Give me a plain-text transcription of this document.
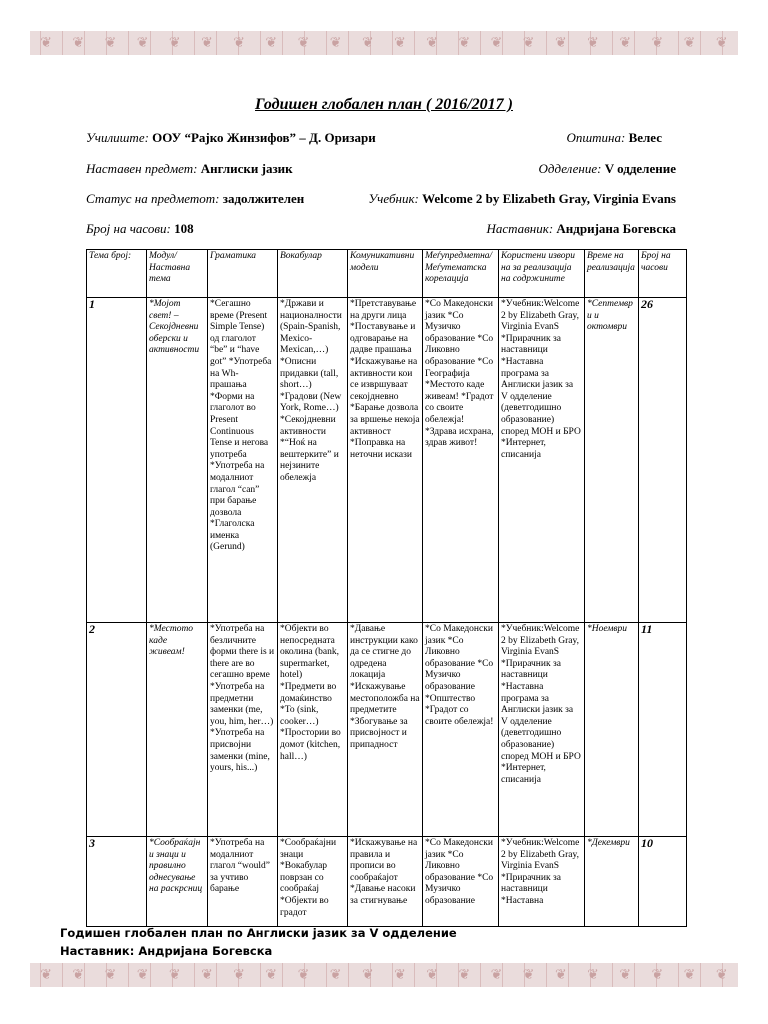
❦ ❦ ❦ ❦ ❦ ❦ ❦ ❦ ❦ ❦ ❦ ❦ ❦ ❦ ❦ ❦ ❦ ❦ ❦ ❦ ❦ ❦
Годишен глобален план ( 2016/2017 )
Училиште: ООУ “Рајко Жинзифов” – Д. Оризари	Општина: Велес
Наставен предмет: Англиски јазик	Одделение: V одделение
Статус на предметот: задолжителен	Учебник: Welcome 2 by Elizabeth Gray, Virginia Evans
Број на часови: 108	Наставник: Андријана Богевска
Тема број:	Модул/Наставна тема	Граматика	Вокабулар	Комуникативни модели	Меѓупредметна/ Меѓутематска корелација	Користени извори на за реализација на содржините	Време на реализација	Број на часови
1	*Мојот свет! – Секојдневни оберски и активности	*Сегашно време (Present Simple Tense) од глаголот “be” и “have got” *Употреба на Wh-прашања *Форми на глаголот во Present Continuous Tense и негова употреба *Употреба на модалниот глагол “can” при барање дозвола *Глаголска именка (Gerund)	*Држави и националности (Spain-Spanish, Mexico-Mexican,…) *Описни придавки (tall, short…) *Градови (New York, Rome…) *Секојдневни активности *“Ноќ на вештерките” и нејзините обележја	*Претставување на други лица *Поставување и одговарање на дадве прашања *Искажување на активности кои се извршуваат секојдневно *Барање дозвола за вршење некоја активност *Поправка на неточни искази	*Со Македонски јазик *Со Музичко образование *Со Ликовно образование *Со Географија *Местото каде живеам! *Градот со своите обележја! *Здрава исхрана, здрав живот!	*Учебник:Welcome 2 by Elizabeth Gray, Virginia EvanS *Прирачник за наставници *Наставна програма за Англиски јазик за V одделение (деветгодишно образование) според МОН и БРО *Интернет, списанија	*Септември и октомври	26
2	*Местото каде живеам!	*Употреба на безличните форми there is и there are во сегашно време *Употреба на предметни заменки (me, you, him, her…) *Употреба на присвојни заменки (mine, yours, his...)	*Објекти во непосредната околина (bank, supermarket, hotel) *Предмети во домаќинство *To (sink, cooker…) *Простории во домот (kitchen, hall…)	*Давање инструкции како да се стигне до одредена локација *Искажување местоположба на предметите *Збогување за присвојност и припадност	*Со Македонски јазик *Со Ликовно образование *Со Музичко образование *Општество *Градот со своите обележја!	*Учебник:Welcome 2 by Elizabeth Gray, Virginia EvanS *Прирачник за наставници *Наставна програма за Англиски јазик за V одделение (деветгодишно образование) според МОН и БРО *Интернет, списанија	*Ноември	11
3	*Сообраќајни знаци и правилно однесување на раскрсниц	*Употреба на модалниот глагол “would” за учтиво барање	*Сообраќајни знаци *Вокабулар поврзан со сообраќај *Објекти во градот	*Искажување на правила и прописи во сообраќајот *Давање насоки за стигнување	*Со Македонски јазик *Со Ликовно образование *Со Музичко образование	*Учебник:Welcome 2 by Elizabeth Gray, Virginia EvanS *Прирачник за наставници *Наставна	*Декември	10
Годишен глобален план по Англиски јазик за V одделение
Наставник: Андријана Богевска
❦ ❦ ❦ ❦ ❦ ❦ ❦ ❦ ❦ ❦ ❦ ❦ ❦ ❦ ❦ ❦ ❦ ❦ ❦ ❦ ❦ ❦
